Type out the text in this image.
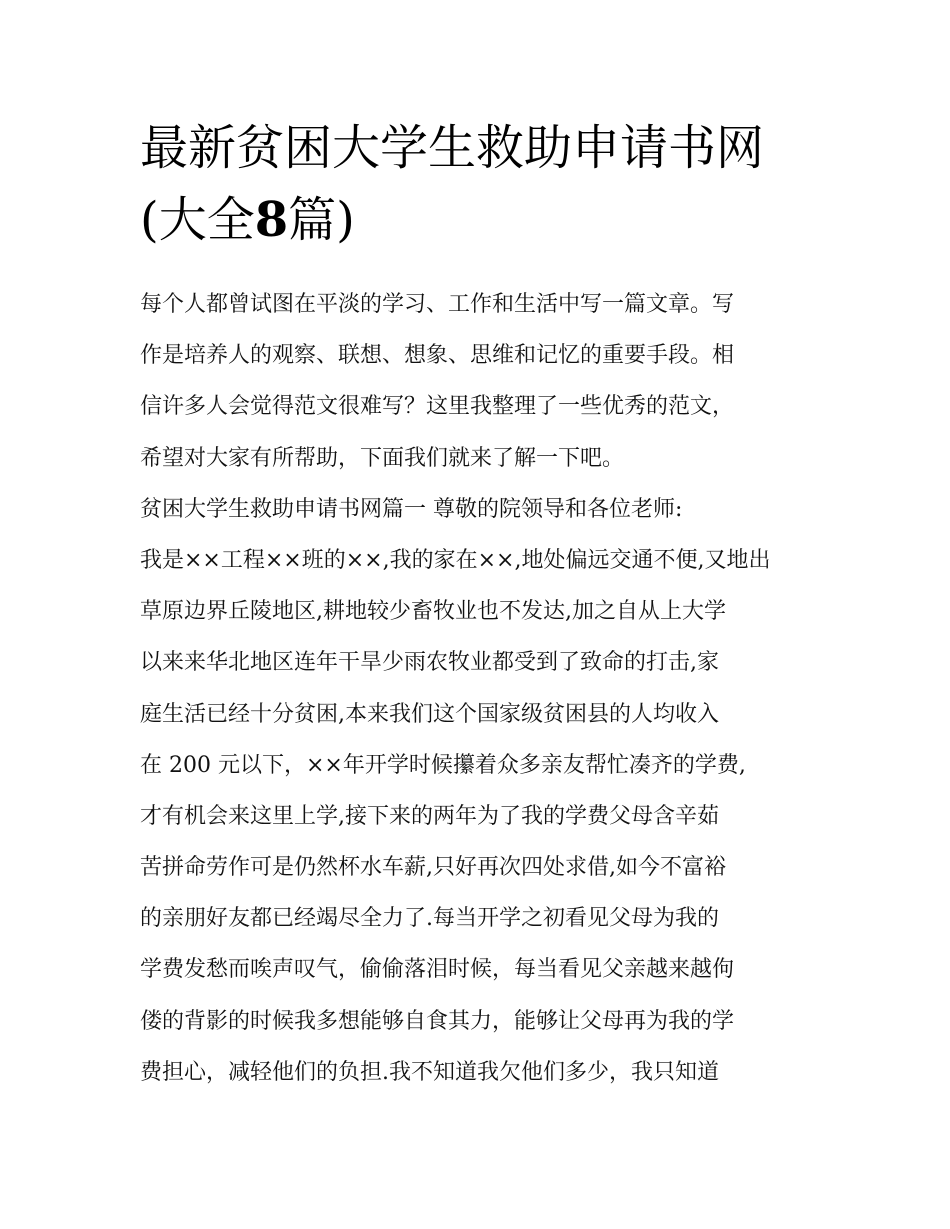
最新贫困大学生救助申请书网
(大全8篇)
每个人都曾试图在平淡的学习、工作和生活中写一篇文章。写
作是培养人的观察、联想、想象、思维和记忆的重要手段。相
信许多人会觉得范文很难写？这里我整理了一些优秀的范文，
希望对大家有所帮助，下面我们就来了解一下吧。
贫困大学生救助申请书网篇一 尊敬的院领导和各位老师:
我是××工程××班的××,我的家在××,地处偏远交通不便,又地出
草原边界丘陵地区,耕地较少畜牧业也不发达,加之自从上大学
以来来华北地区连年干旱少雨农牧业都受到了致命的打击,家
庭生活已经十分贫困,本来我们这个国家级贫困县的人均收入
在 200 元以下，××年开学时候攥着众多亲友帮忙凑齐的学费,
才有机会来这里上学,接下来的两年为了我的学费父母含辛茹
苦拼命劳作可是仍然杯水车薪,只好再次四处求借,如今不富裕
的亲朋好友都已经竭尽全力了.每当开学之初看见父母为我的
学费发愁而唉声叹气，偷偷落泪时候，每当看见父亲越来越佝
偻的背影的时候我多想能够自食其力，能够让父母再为我的学
费担心，减轻他们的负担.我不知道我欠他们多少，我只知道
